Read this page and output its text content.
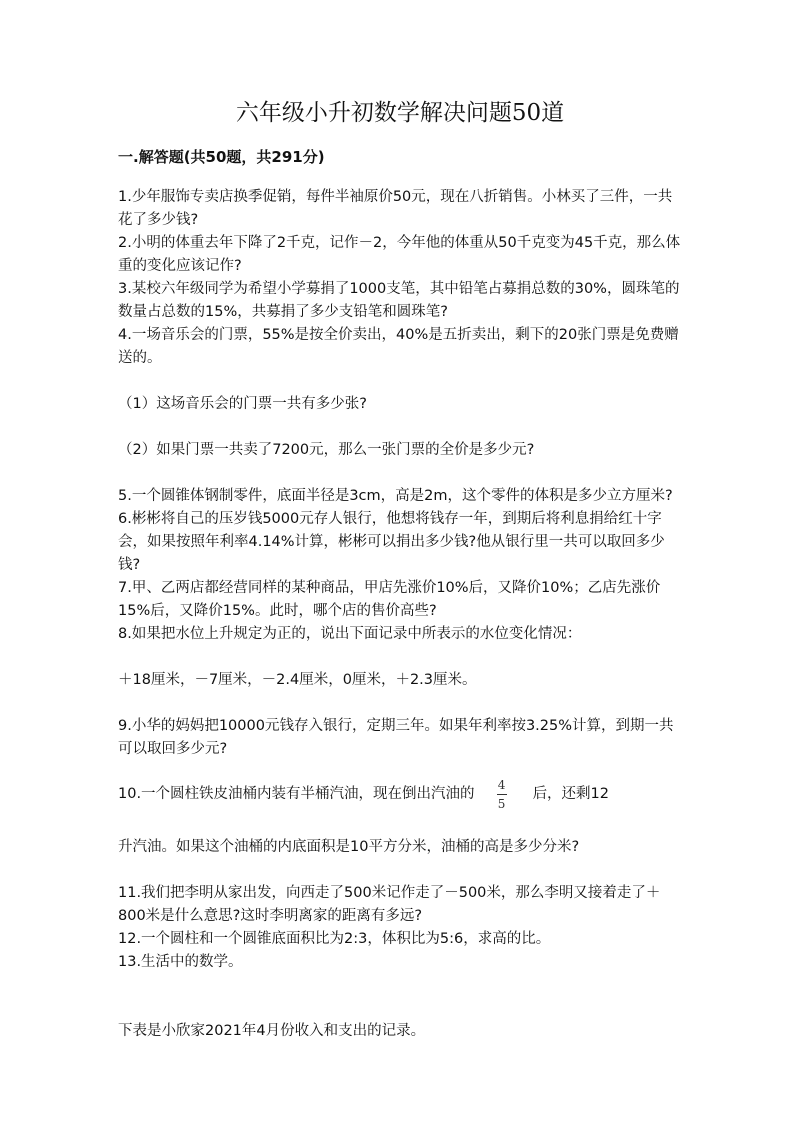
六年级小升初数学解决问题50道
一.解答题(共50题，共291分)

1.少年服饰专卖店换季促销，每件半袖原价50元，现在八折销售。小林买了三件，一共花了多少钱?

2.小明的体重去年下降了2千克，记作－2，今年他的体重从50千克变为45千克，那么体重的变化应该记作?

3.某校六年级同学为希望小学募捐了1000支笔，其中铅笔占募捐总数的30%，圆珠笔的数量占总数的15%，共募捐了多少支铅笔和圆珠笔?

4.一场音乐会的门票，55%是按全价卖出，40%是五折卖出，剩下的20张门票是免费赠送的。

（1）这场音乐会的门票一共有多少张?

（2）如果门票一共卖了7200元，那么一张门票的全价是多少元?

5.一个圆锥体钢制零件，底面半径是3cm，高是2m，这个零件的体积是多少立方厘米?

6.彬彬将自己的压岁钱5000元存人银行，他想将钱存一年，到期后将利息捐给红十字会，如果按照年利率4.14%计算，彬彬可以捐出多少钱?他从银行里一共可以取回多少钱?

7.甲、乙两店都经营同样的某种商品，甲店先涨价10%后，又降价10%；乙店先涨价15%后，又降价15%。此时，哪个店的售价高些?

8.如果把水位上升规定为正的，说出下面记录中所表示的水位变化情况：

＋18厘米，－7厘米，－2.4厘米，0厘米，＋2.3厘米。

9.小华的妈妈把10000元钱存入银行，定期三年。如果年利率按3.25%计算，到期一共可以取回多少元?

10.一个圆柱铁皮油桶内装有半桶汽油，现在倒出汽油的 $\frac{4}{5}$ 后，还剩12

升汽油。如果这个油桶的内底面积是10平方分米，油桶的高是多少分米?

11.我们把李明从家出发，向西走了500米记作走了－500米，那么李明又接着走了＋800米是什么意思?这时李明离家的距离有多远?

12.一个圆柱和一个圆锥底面积比为2:3，体积比为5:6，求高的比。

13.生活中的数学。

下表是小欣家2021年4月份收入和支出的记录。
